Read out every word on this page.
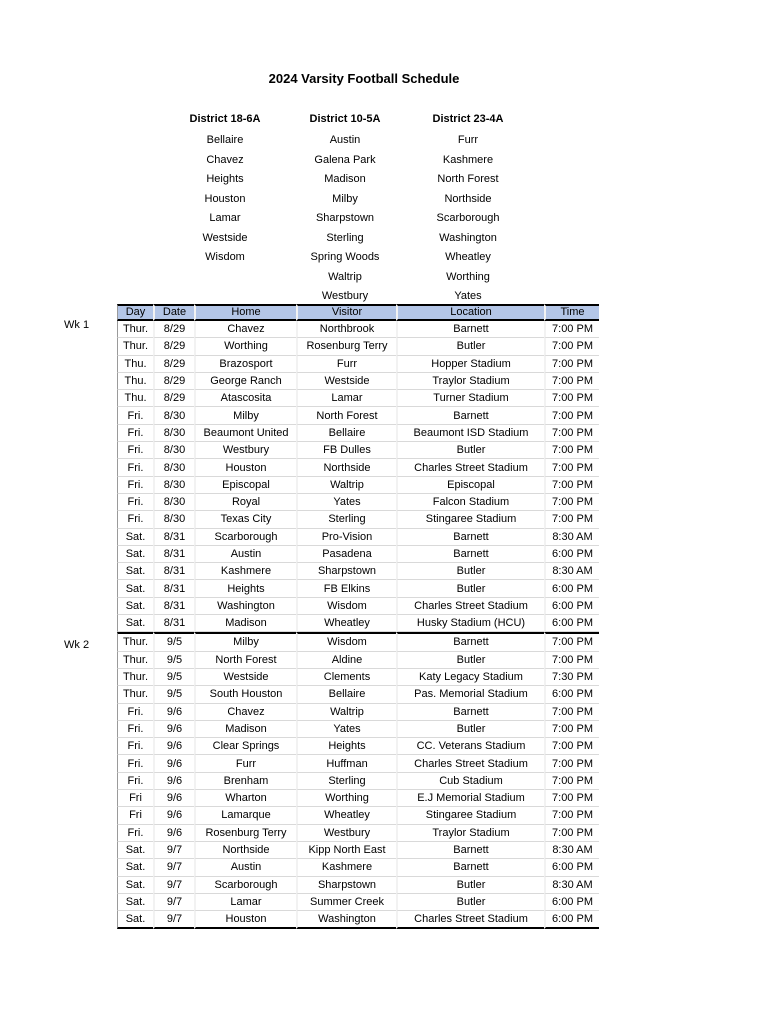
2024 Varsity Football Schedule
District 18-6A
Bellaire
Chavez
Heights
Houston
Lamar
Westside
Wisdom
District 10-5A
Austin
Galena Park
Madison
Milby
Sharpstown
Sterling
Spring Woods
Waltrip
Westbury
District 23-4A
Furr
Kashmere
North Forest
Northside
Scarborough
Washington
Wheatley
Worthing
Yates
Wk 1
Wk 2
Day	Date	Home	Visitor	Location	Time
Thur.	8/29	Chavez	Northbrook	Barnett	7:00 PM
Thur.	8/29	Worthing	Rosenburg Terry	Butler	7:00 PM
Thu.	8/29	Brazosport	Furr	Hopper Stadium	7:00 PM
Thu.	8/29	George Ranch	Westside	Traylor Stadium	7:00 PM
Thu.	8/29	Atascosita	Lamar	Turner Stadium	7:00 PM
Fri.	8/30	Milby	North Forest	Barnett	7:00 PM
Fri.	8/30	Beaumont United	Bellaire	Beaumont ISD Stadium	7:00 PM
Fri.	8/30	Westbury	FB Dulles	Butler	7:00 PM
Fri.	8/30	Houston	Northside	Charles Street Stadium	7:00 PM
Fri.	8/30	Episcopal	Waltrip	Episcopal	7:00 PM
Fri.	8/30	Royal	Yates	Falcon Stadium	7:00 PM
Fri.	8/30	Texas City	Sterling	Stingaree Stadium	7:00 PM
Sat.	8/31	Scarborough	Pro-Vision	Barnett	8:30 AM
Sat.	8/31	Austin	Pasadena	Barnett	6:00 PM
Sat.	8/31	Kashmere	Sharpstown	Butler	8:30 AM
Sat.	8/31	Heights	FB Elkins	Butler	6:00 PM
Sat.	8/31	Washington	Wisdom	Charles Street Stadium	6:00 PM
Sat.	8/31	Madison	Wheatley	Husky Stadium (HCU)	6:00 PM
Thur.	9/5	Milby	Wisdom	Barnett	7:00 PM
Thur.	9/5	North Forest	Aldine	Butler	7:00 PM
Thur.	9/5	Westside	Clements	Katy Legacy Stadium	7:30 PM
Thur.	9/5	South Houston	Bellaire	Pas. Memorial Stadium	6:00 PM
Fri.	9/6	Chavez	Waltrip	Barnett	7:00 PM
Fri.	9/6	Madison	Yates	Butler	7:00 PM
Fri.	9/6	Clear Springs	Heights	CC. Veterans Stadium	7:00 PM
Fri.	9/6	Furr	Huffman	Charles Street Stadium	7:00 PM
Fri.	9/6	Brenham	Sterling	Cub Stadium	7:00 PM
Fri	9/6	Wharton	Worthing	E.J Memorial Stadium	7:00 PM
Fri	9/6	Lamarque	Wheatley	Stingaree Stadium	7:00 PM
Fri.	9/6	Rosenburg Terry	Westbury	Traylor Stadium	7:00 PM
Sat.	9/7	Northside	Kipp North East	Barnett	8:30 AM
Sat.	9/7	Austin	Kashmere	Barnett	6:00 PM
Sat.	9/7	Scarborough	Sharpstown	Butler	8:30 AM
Sat.	9/7	Lamar	Summer Creek	Butler	6:00 PM
Sat.	9/7	Houston	Washington	Charles Street Stadium	6:00 PM
